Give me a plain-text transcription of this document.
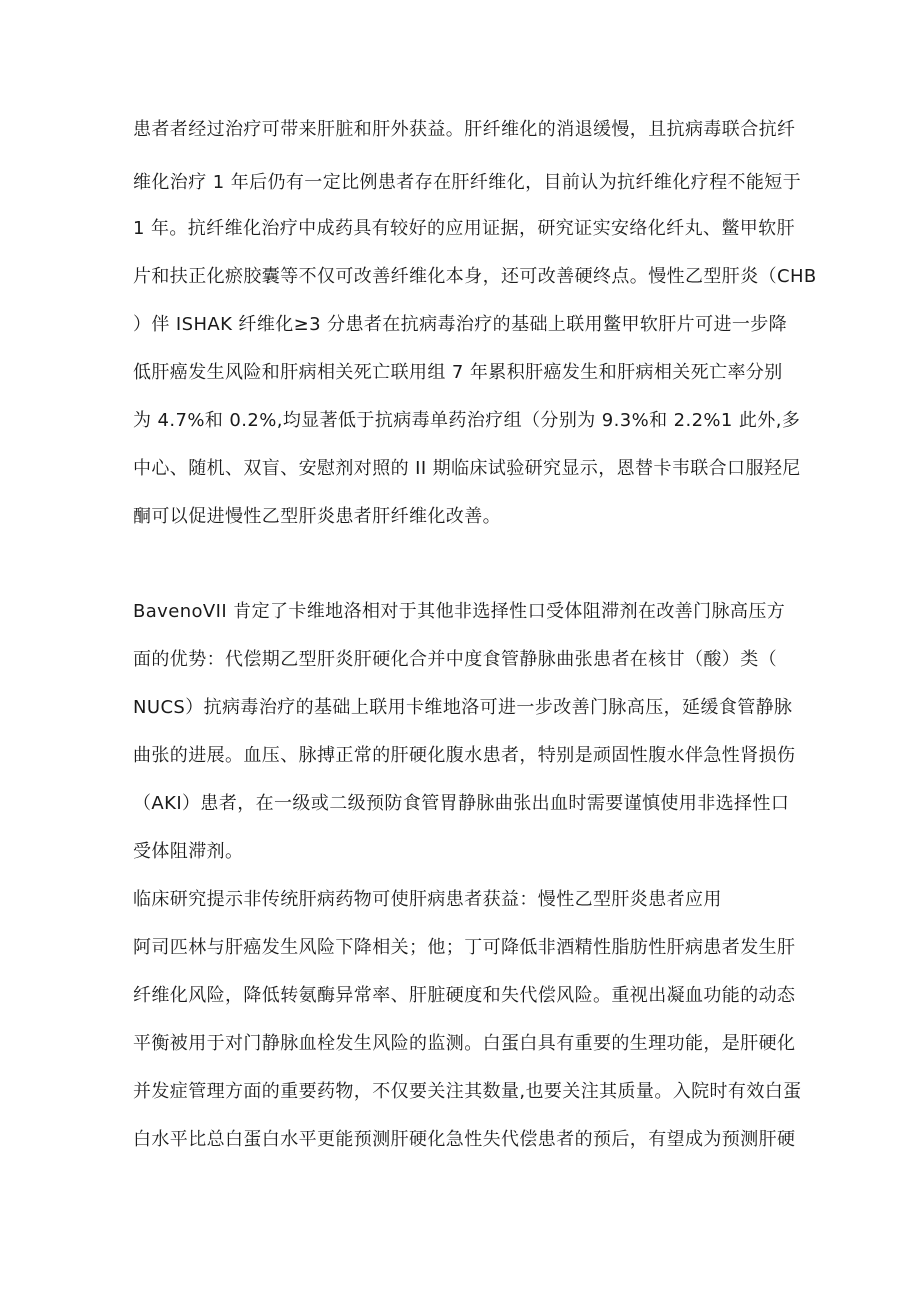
患者者经过治疗可带来肝脏和肝外获益。肝纤维化的消退缓慢，且抗病毒联合抗纤
维化治疗 1 年后仍有一定比例患者存在肝纤维化，目前认为抗纤维化疗程不能短于
1 年。抗纤维化治疗中成药具有较好的应用证据，研究证实安络化纤丸、鳖甲软肝
片和扶正化瘀胶囊等不仅可改善纤维化本身，还可改善硬终点。慢性乙型肝炎（CHB
）伴 ISHAK 纤维化≥3 分患者在抗病毒治疗的基础上联用鳖甲软肝片可进一步降
低肝癌发生风险和肝病相关死亡联用组 7 年累积肝癌发生和肝病相关死亡率分别
为 4.7%和 0.2%,均显著低于抗病毒单药治疗组（分别为 9.3%和 2.2%1 此外,多
中心、随机、双盲、安慰剂对照的 II 期临床试验研究显示，恩替卡韦联合口服羟尼
酮可以促进慢性乙型肝炎患者肝纤维化改善。
BavenoVII 肯定了卡维地洛相对于其他非选择性口受体阻滞剂在改善门脉高压方
面的优势：代偿期乙型肝炎肝硬化合并中度食管静脉曲张患者在核甘（酸）类（
NUCS）抗病毒治疗的基础上联用卡维地洛可进一步改善门脉高压，延缓食管静脉
曲张的进展。血压、脉搏正常的肝硬化腹水患者，特别是顽固性腹水伴急性肾损伤
（AKI）患者，在一级或二级预防食管胃静脉曲张出血时需要谨慎使用非选择性口
受体阻滞剂。
临床研究提示非传统肝病药物可使肝病患者获益：慢性乙型肝炎患者应用
阿司匹林与肝癌发生风险下降相关；他；丁可降低非酒精性脂肪性肝病患者发生肝
纤维化风险，降低转氨酶异常率、肝脏硬度和失代偿风险。重视出凝血功能的动态
平衡被用于对门静脉血栓发生风险的监测。白蛋白具有重要的生理功能，是肝硬化
并发症管理方面的重要药物，不仅要关注其数量,也要关注其质量。入院时有效白蛋
白水平比总白蛋白水平更能预测肝硬化急性失代偿患者的预后，有望成为预测肝硬
